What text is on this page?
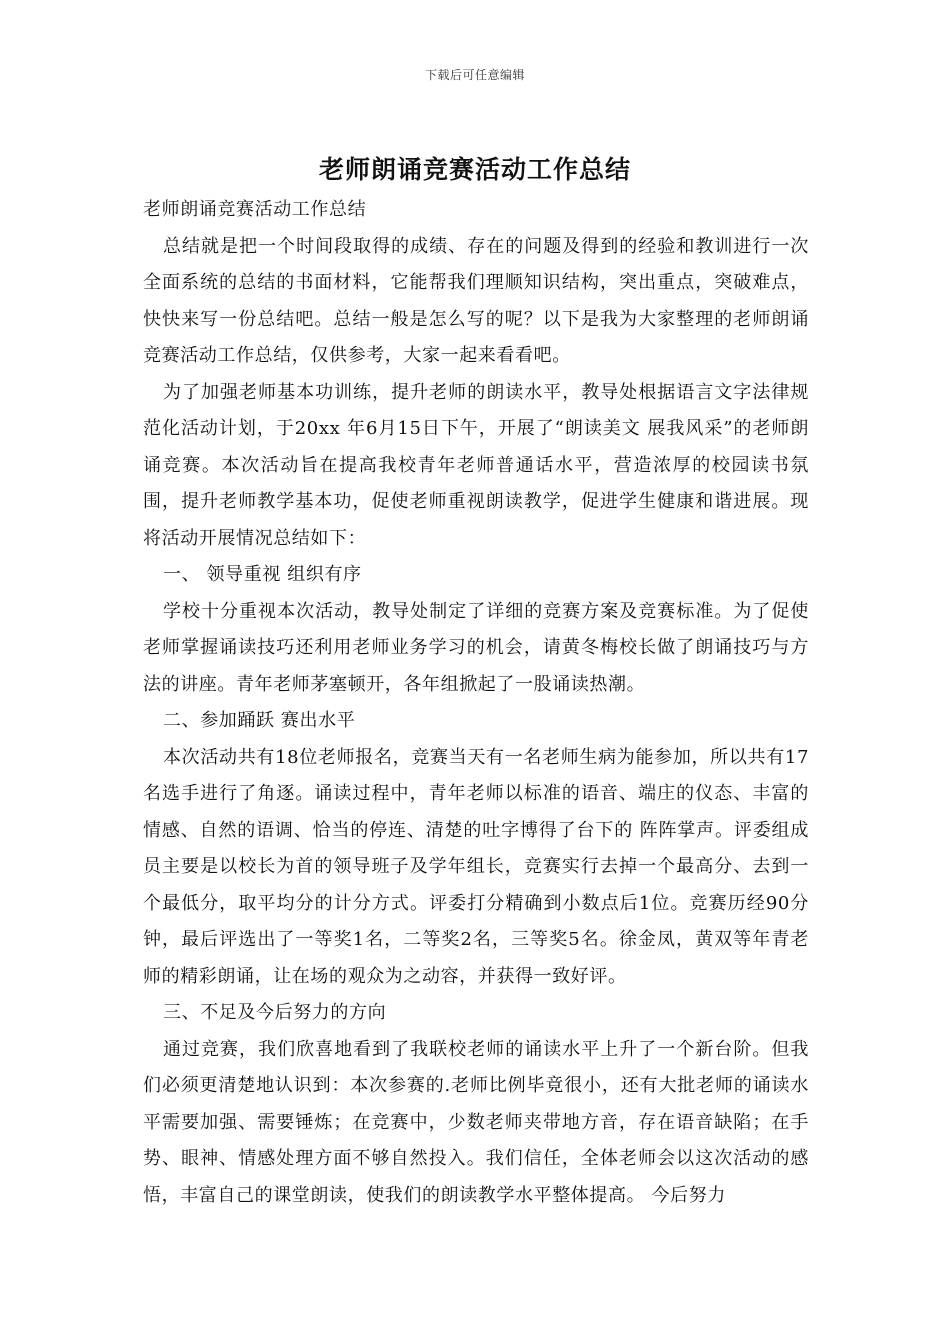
下载后可任意编辑
老师朗诵竞赛活动工作总结

老师朗诵竞赛活动工作总结

总结就是把一个时间段取得的成绩、存在的问题及得到的经验和教训进行一次全面系统的总结的书面材料，它能帮我们理顺知识结构，突出重点，突破难点，快快来写一份总结吧。总结一般是怎么写的呢？以下是我为大家整理的老师朗诵竞赛活动工作总结，仅供参考，大家一起来看看吧。

为了加强老师基本功训练，提升老师的朗读水平，教导处根据语言文字法律规范化活动计划，于20xx 年6月15日下午，开展了“朗读美文 展我风采”的老师朗诵竞赛。本次活动旨在提高我校青年老师普通话水平，营造浓厚的校园读书氛围，提升老师教学基本功，促使老师重视朗读教学，促进学生健康和谐进展。现将活动开展情况总结如下：

一、 领导重视 组织有序

学校十分重视本次活动，教导处制定了详细的竞赛方案及竞赛标准。为了促使老师掌握诵读技巧还利用老师业务学习的机会，请黄冬梅校长做了朗诵技巧与方法的讲座。青年老师茅塞顿开，各年组掀起了一股诵读热潮。

二、参加踊跃 赛出水平

本次活动共有18位老师报名，竞赛当天有一名老师生病为能参加，所以共有17名选手进行了角逐。诵读过程中，青年老师以标准的语音、端庄的仪态、丰富的情感、自然的语调、恰当的停连、清楚的吐字博得了台下的 阵阵掌声。评委组成员主要是以校长为首的领导班子及学年组长，竞赛实行去掉一个最高分、去到一个最低分，取平均分的计分方式。评委打分精确到小数点后1位。竞赛历经90分钟，最后评选出了一等奖1名，二等奖2名，三等奖5名。徐金凤，黄双等年青老师的精彩朗诵，让在场的观众为之动容，并获得一致好评。

三、不足及今后努力的方向

通过竞赛，我们欣喜地看到了我联校老师的诵读水平上升了一个新台阶。但我们必须更清楚地认识到：本次参赛的.老师比例毕竟很小，还有大批老师的诵读水平需要加强、需要锤炼；在竞赛中，少数老师夹带地方音，存在语音缺陷；在手势、眼神、情感处理方面不够自然投入。我们信任，全体老师会以这次活动的感悟，丰富自己的课堂朗读，使我们的朗读教学水平整体提高。 今后努力
